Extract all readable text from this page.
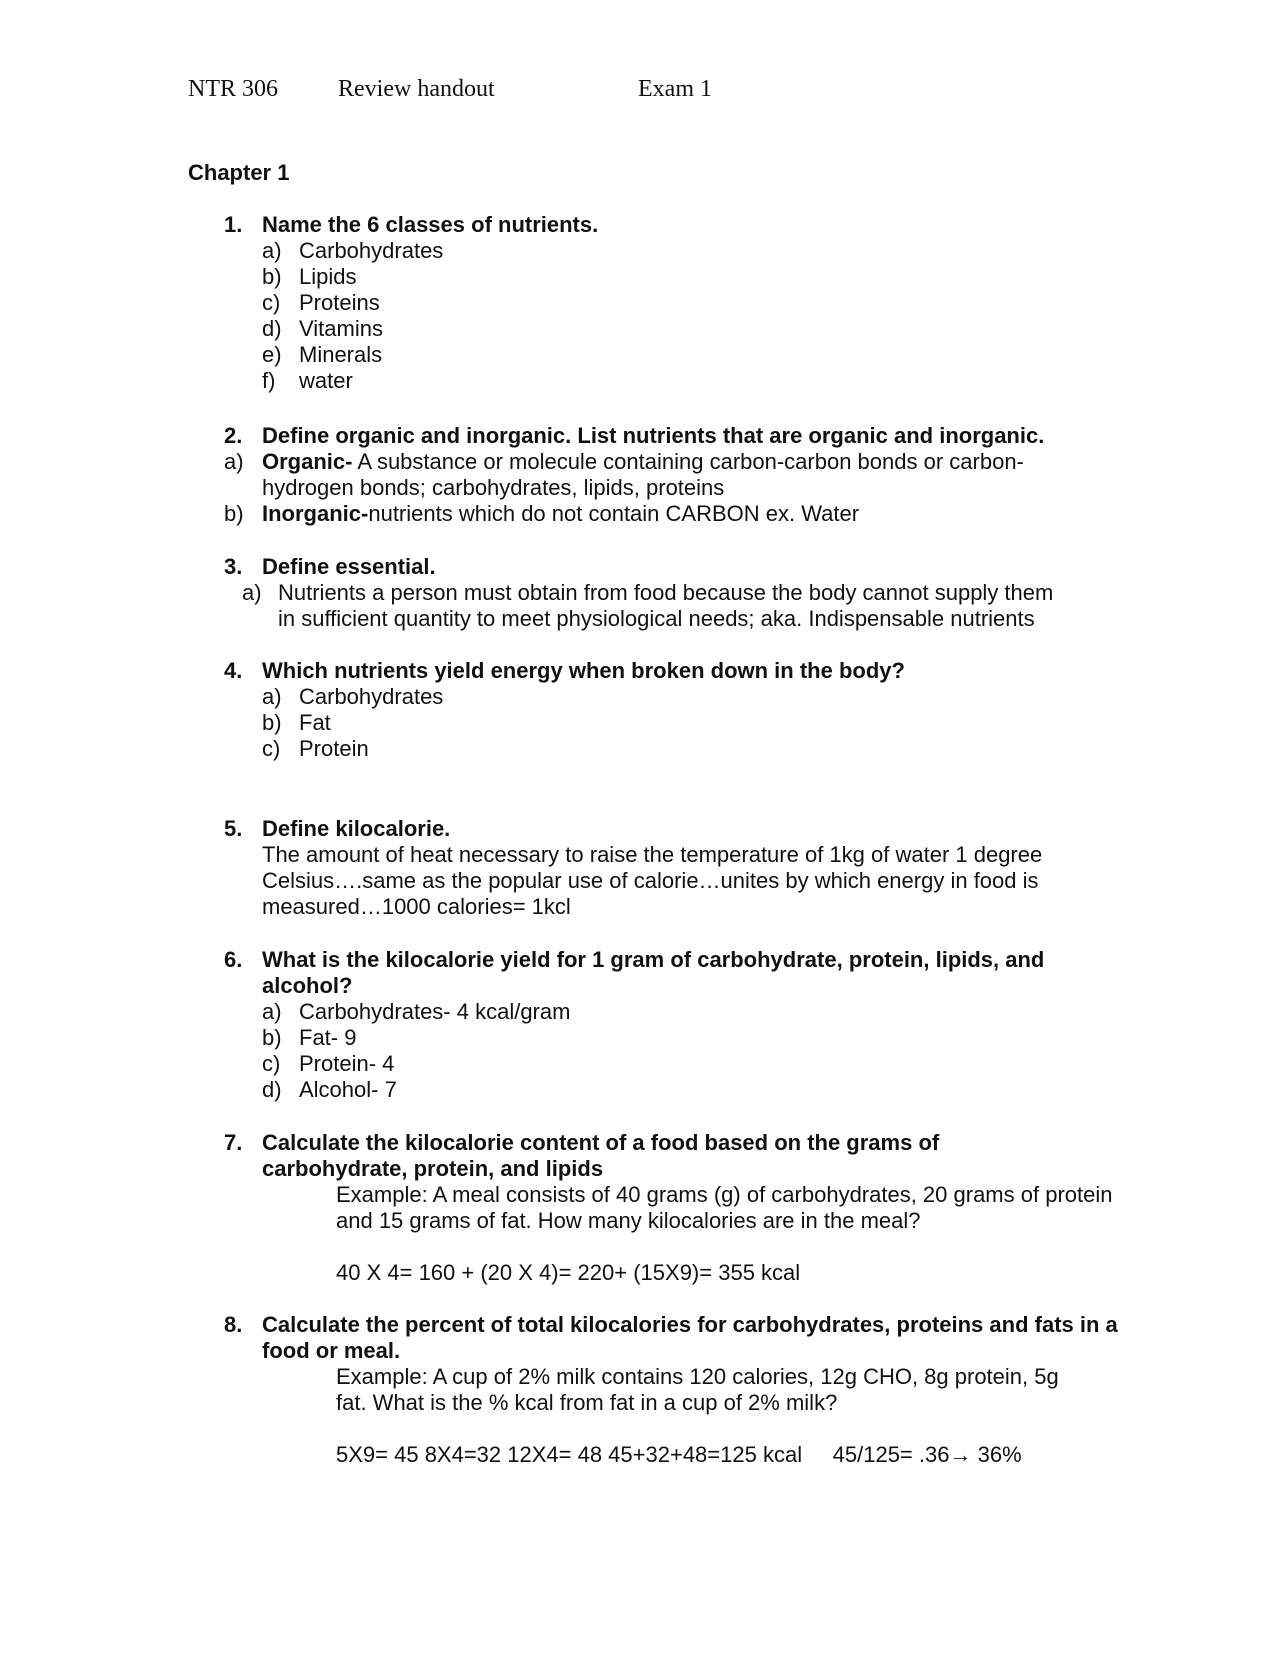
NTR 306	Review handout	Exam 1
Chapter 1
1. Name the 6 classes of nutrients.
a) Carbohydrates
b) Lipids
c) Proteins
d) Vitamins
e) Minerals
f) water
2. Define organic and inorganic. List nutrients that are organic and inorganic.
a) Organic- A substance or molecule containing carbon-carbon bonds or carbon-
hydrogen bonds; carbohydrates, lipids, proteins
b) Inorganic-nutrients which do not contain CARBON ex. Water
3. Define essential.
a) Nutrients a person must obtain from food because the body cannot supply them
in sufficient quantity to meet physiological needs; aka. Indispensable nutrients
4. Which nutrients yield energy when broken down in the body?
a) Carbohydrates
b) Fat
c) Protein
5. Define kilocalorie.
The amount of heat necessary to raise the temperature of 1kg of water 1 degree
Celsius….same as the popular use of calorie…unites by which energy in food is
measured…1000 calories= 1kcl
6. What is the kilocalorie yield for 1 gram of carbohydrate, protein, lipids, and
alcohol?
a) Carbohydrates- 4 kcal/gram
b) Fat- 9
c) Protein- 4
d) Alcohol- 7
7. Calculate the kilocalorie content of a food based on the grams of
carbohydrate, protein, and lipids
Example: A meal consists of 40 grams (g) of carbohydrates, 20 grams of protein
and 15 grams of fat. How many kilocalories are in the meal?
40 X 4= 160 + (20 X 4)= 220+ (15X9)= 355 kcal
8. Calculate the percent of total kilocalories for carbohydrates, proteins and fats in a
food or meal.
Example: A cup of 2% milk contains 120 calories, 12g CHO, 8g protein, 5g
fat. What is the % kcal from fat in a cup of 2% milk?
5X9= 45 8X4=32 12X4= 48 45+32+48=125 kcal     45/125= .36→ 36%
